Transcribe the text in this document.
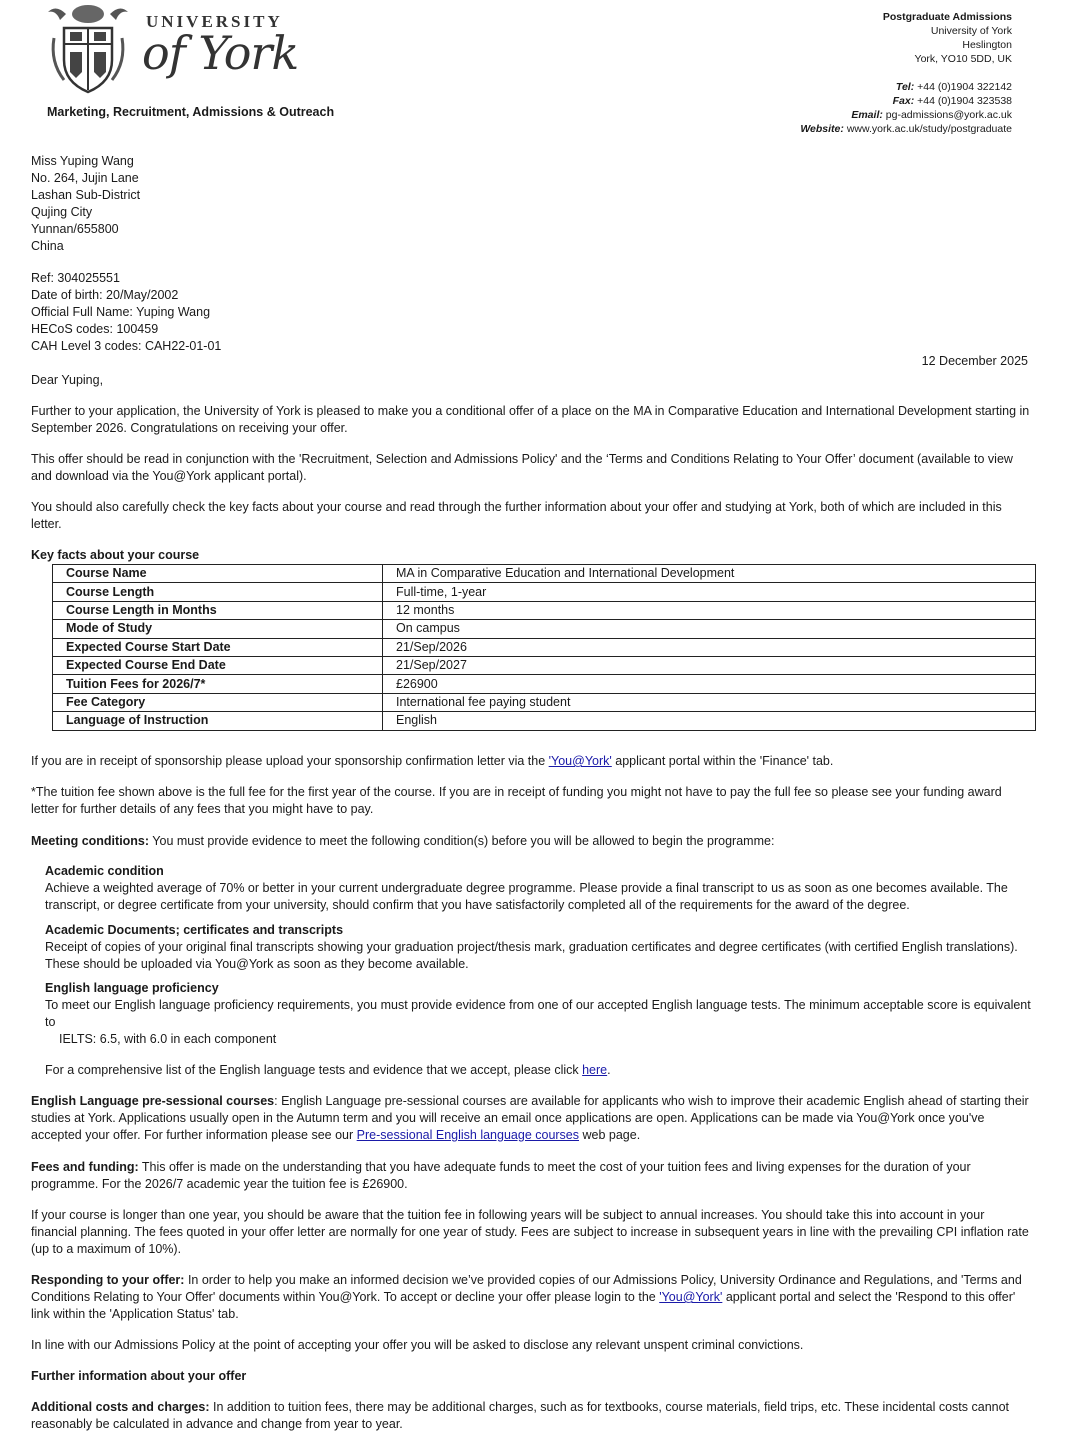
UNIVERSITY
of York
Marketing, Recruitment, Admissions & Outreach
Postgraduate Admissions
University of York
Heslington
York, YO10 5DD, UK
Tel: +44 (0)1904 322142
Fax: +44 (0)1904 323538
Email: pg-admissions@york.ac.uk
Website: www.york.ac.uk/study/postgraduate
Miss Yuping Wang
No. 264, Jujin Lane
Lashan Sub-District
Qujing City
Yunnan/655800
China
Ref: 304025551
Date of birth: 20/May/2002
Official Full Name: Yuping Wang
HECoS codes: 100459
CAH Level 3 codes: CAH22-01-01
12 December 2025
Dear Yuping,
Further to your application, the University of York is pleased to make you a conditional offer of a place on the MA in Comparative Education and International Development starting in September 2026. Congratulations on receiving your offer.
This offer should be read in conjunction with the 'Recruitment, Selection and Admissions Policy' and the ‘Terms and Conditions Relating to Your Offer’ document (available to view and download via the You@York applicant portal).
You should also carefully check the key facts about your course and read through the further information about your offer and studying at York, both of which are included in this letter.
Key facts about your course
Course Name	MA in Comparative Education and International Development
Course Length	Full-time, 1-year
Course Length in Months	12 months
Mode of Study	On campus
Expected Course Start Date	21/Sep/2026
Expected Course End Date	21/Sep/2027
Tuition Fees for 2026/7*	£26900
Fee Category	International fee paying student
Language of Instruction	English
If you are in receipt of sponsorship please upload your sponsorship confirmation letter via the 'You@York' applicant portal within the 'Finance' tab.
*The tuition fee shown above is the full fee for the first year of the course. If you are in receipt of funding you might not have to pay the full fee so please see your funding award letter for further details of any fees that you might have to pay.
Meeting conditions: You must provide evidence to meet the following condition(s) before you will be allowed to begin the programme:
Academic condition
Achieve a weighted average of 70% or better in your current undergraduate degree programme. Please provide a final transcript to us as soon as one becomes available. The transcript, or degree certificate from your university, should confirm that you have satisfactorily completed all of the requirements for the award of the degree.
Academic Documents; certificates and transcripts
Receipt of copies of your original final transcripts showing your graduation project/thesis mark, graduation certificates and degree certificates (with certified English translations). These should be uploaded via You@York as soon as they become available.
English language proficiency
To meet our English language proficiency requirements, you must provide evidence from one of our accepted English language tests. The minimum acceptable score is equivalent to
IELTS: 6.5, with 6.0 in each component
For a comprehensive list of the English language tests and evidence that we accept, please click here.
English Language pre-sessional courses: English Language pre-sessional courses are available for applicants who wish to improve their academic English ahead of starting their studies at York. Applications usually open in the Autumn term and you will receive an email once applications are open. Applications can be made via You@York once you've accepted your offer. For further information please see our Pre-sessional English language courses web page.
Fees and funding: This offer is made on the understanding that you have adequate funds to meet the cost of your tuition fees and living expenses for the duration of your programme. For the 2026/7 academic year the tuition fee is £26900.
If your course is longer than one year, you should be aware that the tuition fee in following years will be subject to annual increases. You should take this into account in your financial planning. The fees quoted in your offer letter are normally for one year of study. Fees are subject to increase in subsequent years in line with the prevailing CPI inflation rate (up to a maximum of 10%).
Responding to your offer: In order to help you make an informed decision we’ve provided copies of our Admissions Policy, University Ordinance and Regulations, and 'Terms and Conditions Relating to Your Offer' documents within You@York. To accept or decline your offer please login to the 'You@York' applicant portal and select the 'Respond to this offer' link within the 'Application Status' tab.
In line with our Admissions Policy at the point of accepting your offer you will be asked to disclose any relevant unspent criminal convictions.
Further information about your offer
Additional costs and charges: In addition to tuition fees, there may be additional charges, such as for textbooks, course materials, field trips, etc. These incidental costs cannot reasonably be calculated in advance and change from year to year.
